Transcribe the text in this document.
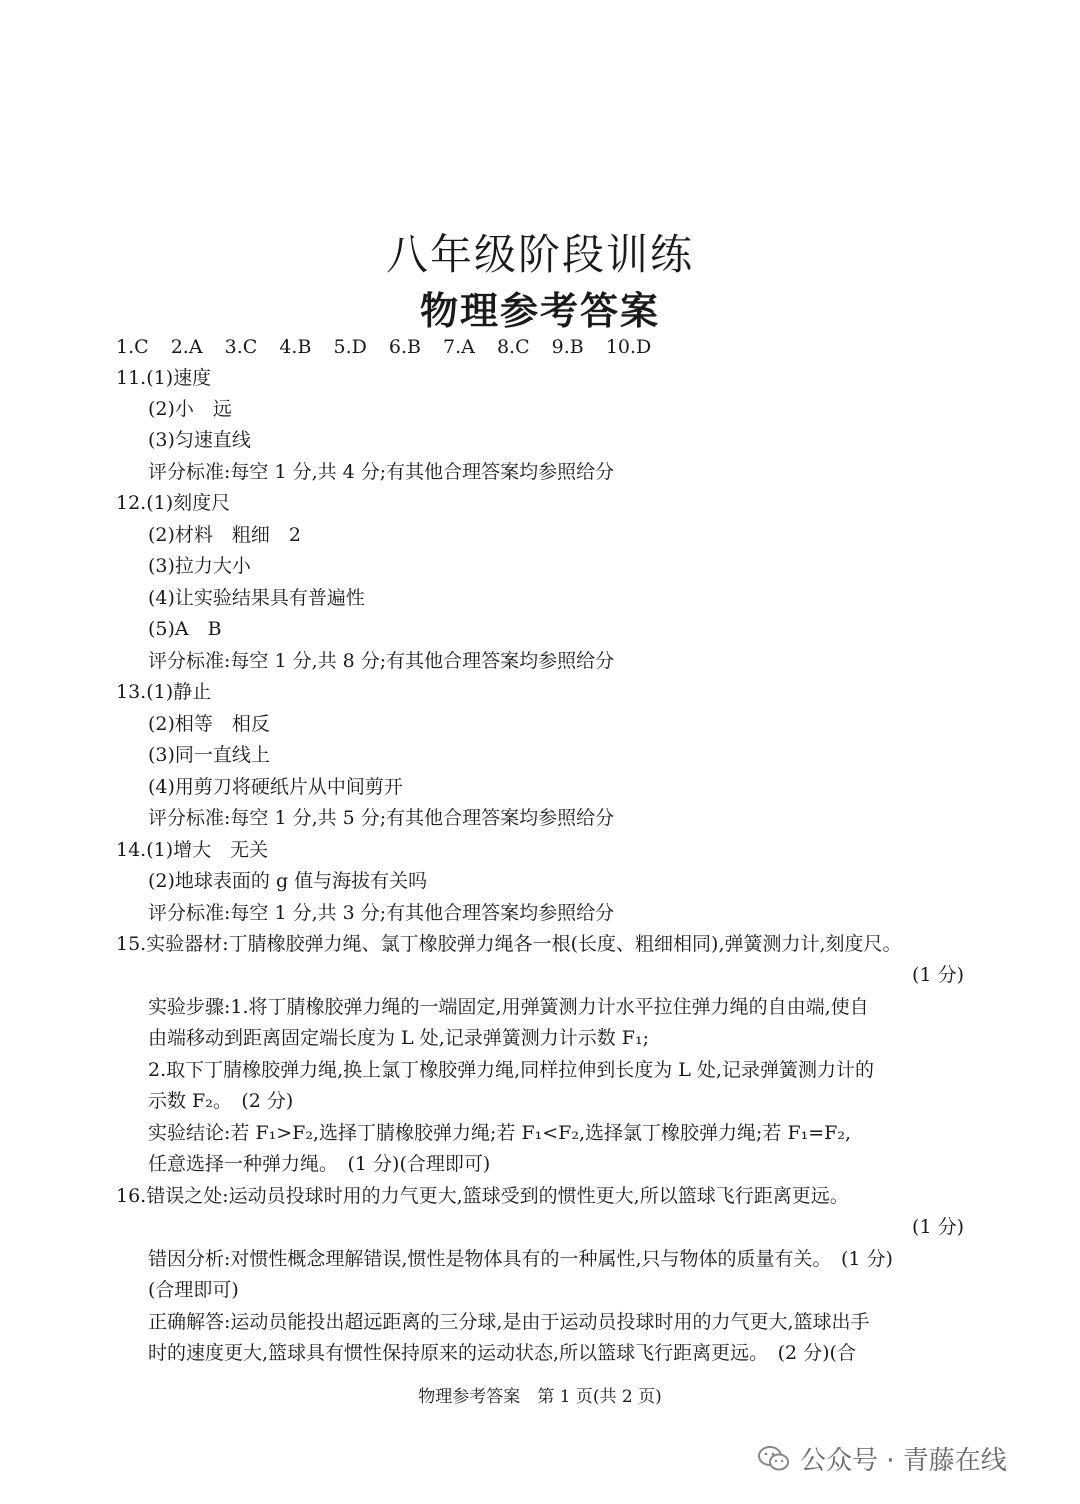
八年级阶段训练
物理参考答案
1.C 2.A 3.C 4.B 5.D 6.B 7.A 8.C 9.B 10.D
11.(1)速度
(2)小　远
(3)匀速直线
评分标准:每空 1 分,共 4 分;有其他合理答案均参照给分
12.(1)刻度尺
(2)材料　粗细　2
(3)拉力大小
(4)让实验结果具有普遍性
(5)A　B
评分标准:每空 1 分,共 8 分;有其他合理答案均参照给分
13.(1)静止
(2)相等　相反
(3)同一直线上
(4)用剪刀将硬纸片从中间剪开
评分标准:每空 1 分,共 5 分;有其他合理答案均参照给分
14.(1)增大　无关
(2)地球表面的 g 值与海拔有关吗
评分标准:每空 1 分,共 3 分;有其他合理答案均参照给分
15.实验器材:丁腈橡胶弹力绳、氯丁橡胶弹力绳各一根(长度、粗细相同),弹簧测力计,刻度尺。
(1 分)
实验步骤:1.将丁腈橡胶弹力绳的一端固定,用弹簧测力计水平拉住弹力绳的自由端,使自
由端移动到距离固定端长度为 L 处,记录弹簧测力计示数 F₁;
2.取下丁腈橡胶弹力绳,换上氯丁橡胶弹力绳,同样拉伸到长度为 L 处,记录弹簧测力计的
示数 F₂。　(2 分)
实验结论:若 F₁>F₂,选择丁腈橡胶弹力绳;若 F₁<F₂,选择氯丁橡胶弹力绳;若 F₁=F₂,
任意选择一种弹力绳。　(1 分)(合理即可)
16.错误之处:运动员投球时用的力气更大,篮球受到的惯性更大,所以篮球飞行距离更远。
(1 分)
错因分析:对惯性概念理解错误,惯性是物体具有的一种属性,只与物体的质量有关。　(1 分)
(合理即可)
正确解答:运动员能投出超远距离的三分球,是由于运动员投球时用的力气更大,篮球出手
时的速度更大,篮球具有惯性保持原来的运动状态,所以篮球飞行距离更远。　(2 分)(合
物理参考答案　第 1 页(共 2 页)
公众号 · 青藤在线
